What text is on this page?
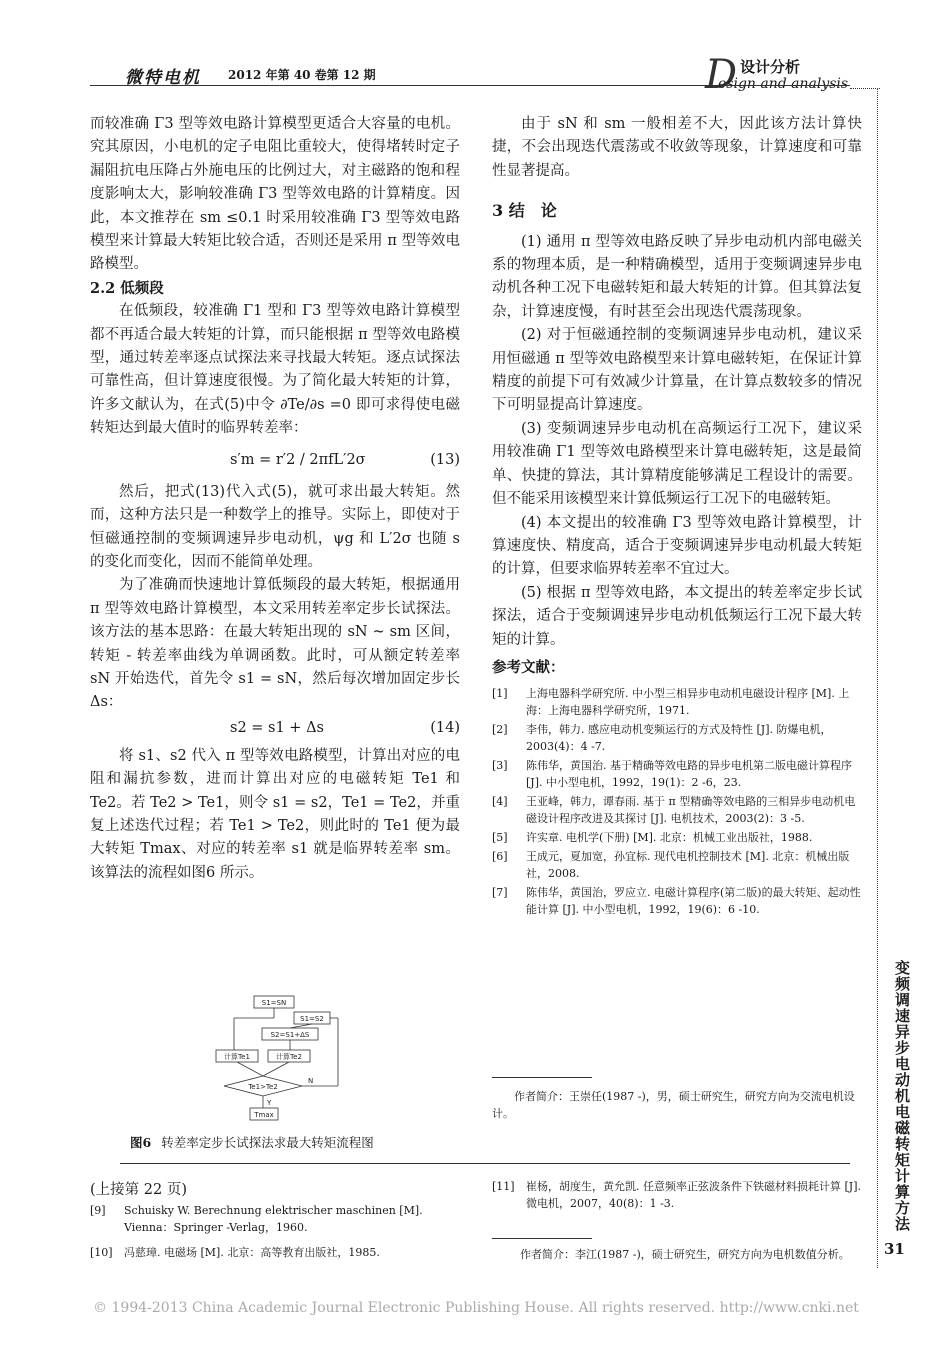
微特电机 2012 年第 40 卷第 12 期	D 设计分析
esign and analysis

而较准确 Γ3 型等效电路计算模型更适合大容量的电机。究其原因，小电机的定子电阻比重较大，使得堵转时定子漏阻抗电压降占外施电压的比例过大，对主磁路的饱和程度影响太大，影响较准确 Γ3 型等效电路的计算精度。因此，本文推荐在 sm ≤0.1 时采用较准确 Γ3 型等效电路模型来计算最大转矩比较合适，否则还是采用 π 型等效电路模型。

2.2 低频段

在低频段，较准确 Γ1 型和 Γ3 型等效电路计算模型都不再适合最大转矩的计算，而只能根据 π 型等效电路模型，通过转差率逐点试探法来寻找最大转矩。逐点试探法可靠性高，但计算速度很慢。为了简化最大转矩的计算，许多文献认为，在式(5)中令 ∂Te/∂s =0 即可求得使电磁转矩达到最大值时的临界转差率：

s′m = r′2 / 2πfL′2σ	(13)

然后，把式(13)代入式(5)，就可求出最大转矩。然而，这种方法只是一种数学上的推导。实际上，即使对于恒磁通控制的变频调速异步电动机，ψg 和 L′2σ 也随 s 的变化而变化，因而不能简单处理。

为了准确而快速地计算低频段的最大转矩，根据通用 π 型等效电路计算模型，本文采用转差率定步长试探法。该方法的基本思路：在最大转矩出现的 sN ~ sm 区间，转矩 - 转差率曲线为单调函数。此时，可从额定转差率 sN 开始迭代，首先令 s1 = sN，然后每次增加固定步长 Δs：

s2 = s1 + Δs	(14)

将 s1、s2 代入 π 型等效电路模型，计算出对应的电阻和漏抗参数，进而计算出对应的电磁转矩 Te1 和 Te2。若 Te2 > Te1，则令 s1 = s2，Te1 = Te2，并重复上述迭代过程；若 Te1 > Te2，则此时的 Te1 便为最大转矩 Tmax、对应的转差率 s1 就是临界转差率 sm。该算法的流程如图6 所示。

S1=SN
S1=S2
S2=S1+ΔS
计算Te1	计算Te2
Te1>Te2
Y
N
Tmax
图6 转差率定步长试探法求最大转矩流程图

由于 sN 和 sm 一般相差不大，因此该方法计算快捷，不会出现迭代震荡或不收敛等现象，计算速度和可靠性显著提高。

3 结　论

(1) 通用 π 型等效电路反映了异步电动机内部电磁关系的物理本质，是一种精确模型，适用于变频调速异步电动机各种工况下电磁转矩和最大转矩的计算。但其算法复杂，计算速度慢，有时甚至会出现迭代震荡现象。

(2) 对于恒磁通控制的变频调速异步电动机，建议采用恒磁通 π 型等效电路模型来计算电磁转矩，在保证计算精度的前提下可有效减少计算量，在计算点数较多的情况下可明显提高计算速度。

(3) 变频调速异步电动机在高频运行工况下，建议采用较准确 Γ1 型等效电路模型来计算电磁转矩，这是最简单、快捷的算法，其计算精度能够满足工程设计的需要。但不能采用该模型来计算低频运行工况下的电磁转矩。

(4) 本文提出的较准确 Γ3 型等效电路计算模型，计算速度快、精度高，适合于变频调速异步电动机最大转矩的计算，但要求临界转差率不宜过大。

(5) 根据 π 型等效电路，本文提出的转差率定步长试探法，适合于变频调速异步电动机低频运行工况下最大转矩的计算。

参考文献：

[1]	上海电器科学研究所. 中小型三相异步电动机电磁设计程序 [M]. 上海：上海电器科学研究所，1971.
[2]	李伟，韩力. 感应电动机变频运行的方式及特性 [J]. 防爆电机，2003(4)：4 -7.
[3]	陈伟华，黄国治. 基于精确等效电路的异步电机第二版电磁计算程序 [J]. 中小型电机，1992，19(1)：2 -6，23.
[4]	王亚峰，韩力，谭春雨. 基于 π 型精确等效电路的三相异步电动机电磁设计程序改进及其探讨 [J]. 电机技术，2003(2)：3 -5.
[5]	许实章. 电机学(下册) [M]. 北京：机械工业出版社，1988.
[6]	王成元，夏加宽，孙宜标. 现代电机控制技术 [M]. 北京：机械出版社，2008.
[7]	陈伟华，黄国治，罗应立. 电磁计算程序(第二版)的最大转矩、起动性能计算 [J]. 中小型电机，1992，19(6)：6 -10.
作者简介：王崇任(1987 -)，男，硕士研究生，研究方向为交流电机设计。
(上接第 22 页)
[9]	Schuisky W. Berechnung elektrischer maschinen [M]. Vienna：Springer -Verlag，1960.
[10]	冯慈璋. 电磁场 [M]. 北京：高等教育出版社，1985.
[11]	崔杨，胡度生，黄允凯. 任意频率正弦波条件下铁磁材料损耗计算 [J]. 微电机，2007，40(8)：1 -3.
作者简介：李江(1987 -)，硕士研究生，研究方向为电机数值分析。
变频调速异步电动机电磁转矩计算方法
31
© 1994-2013 China Academic Journal Electronic Publishing House. All rights reserved. http://www.cnki.net
